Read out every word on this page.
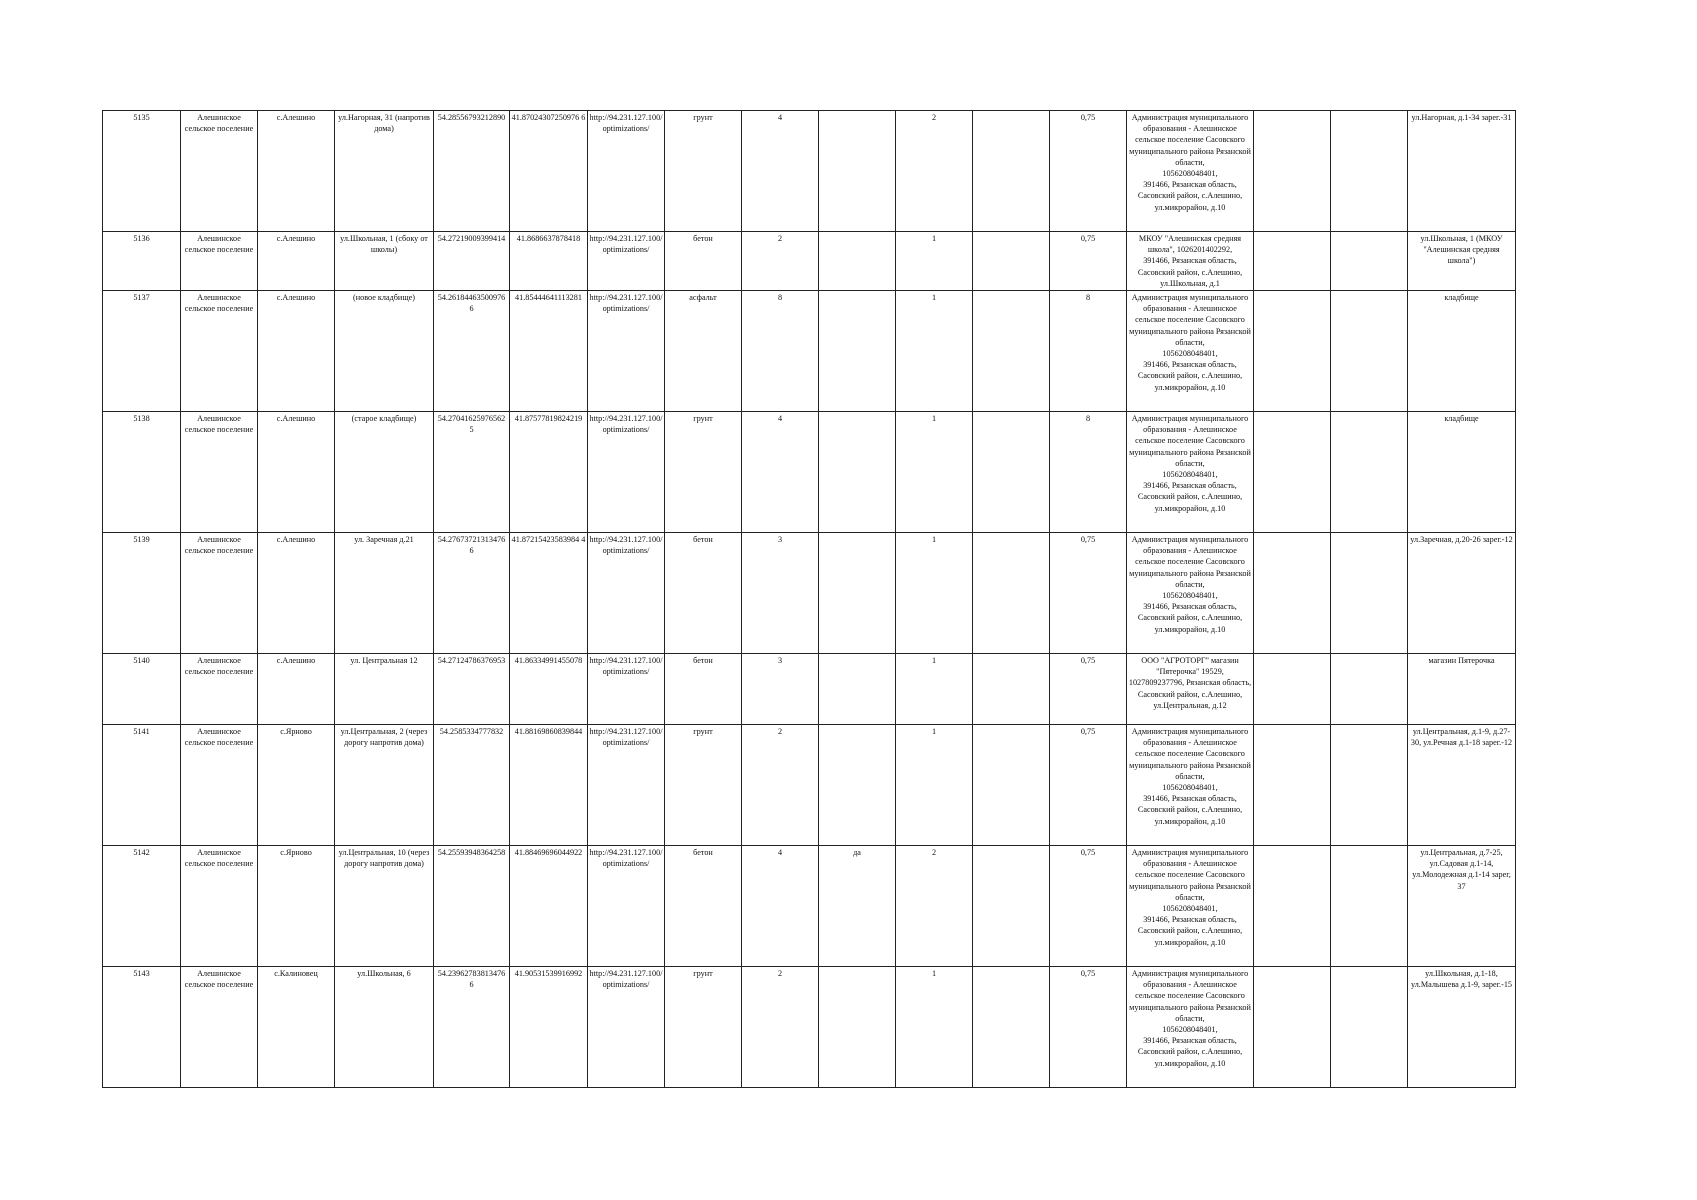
5135	Алешинское сельское поселение	с.Алешино	ул.Нагорная, 31 (напротив дома)	54.28556793212890	41.87024307250976 6	http://94.231.127.100/optimizations/	грунт	4		2		0,75	Администрация муниципального образования - Алешинское сельское поселение Сасовского муниципального района Рязанской области,
1056208048401,
391466, Рязанская область, Сасовский район, с.Алешино, ул.микрорайон, д.10			ул.Нагорная, д.1-34 зарег.-31
5136	Алешинское сельское поселение	с.Алешино	ул.Школьная, 1 (сбоку от школы)	54.27219009399414	41.8686637878418	http://94.231.127.100/optimizations/	бетон	2		1		0,75	МКОУ "Алешинская средняя школа", 1026201402292,
391466, Рязанская область, Сасовский район, с.Алешино, ул.Школьная, д.1			ул.Школьная, 1 (МКОУ "Алешинская средняя школа")
5137	Алешинское сельское поселение	с.Алешино	(новое кладбище)	54.26184463500976 6	41.85444641113281	http://94.231.127.100/optimizations/	асфальт	8		1		8	Администрация муниципального образования - Алешинское сельское поселение Сасовского муниципального района Рязанской области,
1056208048401,
391466, Рязанская область, Сасовский район, с.Алешино, ул.микрорайон, д.10			кладбище
5138	Алешинское сельское поселение	с.Алешино	(старое кладбище)	54.27041625976562 5	41.87577819824219	http://94.231.127.100/optimizations/	грунт	4		1		8	Администрация муниципального образования - Алешинское сельское поселение Сасовского муниципального района Рязанской области,
1056208048401,
391466, Рязанская область, Сасовский район, с.Алешино, ул.микрорайон, д.10			кладбище
5139	Алешинское сельское поселение	с.Алешино	ул. Заречная д.21	54.27673721313476 6	41.87215423583984 4	http://94.231.127.100/optimizations/	бетон	3		1		0,75	Администрация муниципального образования - Алешинское сельское поселение Сасовского муниципального района Рязанской области,
1056208048401,
391466, Рязанская область, Сасовский район, с.Алешино, ул.микрорайон, д.10			ул.Заречная, д.20-26 зарег.-12
5140	Алешинское сельское поселение	с.Алешино	ул. Центральная 12	54.27124786376953	41.86334991455078	http://94.231.127.100/optimizations/	бетон	3		1		0,75	ООО "АГРОТОРГ" магазин "Пятерочка" 19529, 1027809237796, Рязанская область, Сасовский район, с.Алешино, ул.Центральная, д.12			магазин Пятерочка
5141	Алешинское сельское поселение	с.Ярново	ул.Центральная, 2 (через дорогу напротив дома)	54.2585334777832	41.88169860839844	http://94.231.127.100/optimizations/	грунт	2		1		0,75	Администрация муниципального образования - Алешинское сельское поселение Сасовского муниципального района Рязанской области,
1056208048401,
391466, Рязанская область, Сасовский район, с.Алешино, ул.микрорайон, д.10			ул.Центральная, д.1-9, д.27-30, ул.Речная д.1-18 зарег.-12
5142	Алешинское сельское поселение	с.Ярново	ул.Центральная, 10 (через дорогу напротив дома)	54.25593948364258	41.88469696044922	http://94.231.127.100/optimizations/	бетон	4	да	2		0,75	Администрация муниципального образования - Алешинское сельское поселение Сасовского муниципального района Рязанской области,
1056208048401,
391466, Рязанская область, Сасовский район, с.Алешино, ул.микрорайон, д.10			ул.Центральная, д.7-25, ул.Садовая д.1-14, ул.Молодежная д.1-14 зарег, 37
5143	Алешинское сельское поселение	с.Калиновец	ул.Школьная, 6	54.23962783813476 6	41.90531539916992	http://94.231.127.100/optimizations/	грунт	2		1		0,75	Администрация муниципального образования - Алешинское сельское поселение Сасовского муниципального района Рязанской области,
1056208048401,
391466, Рязанская область, Сасовский район, с.Алешино, ул.микрорайон, д.10			ул.Школьная, д.1-18, ул.Малышева д.1-9, зарег.-15
